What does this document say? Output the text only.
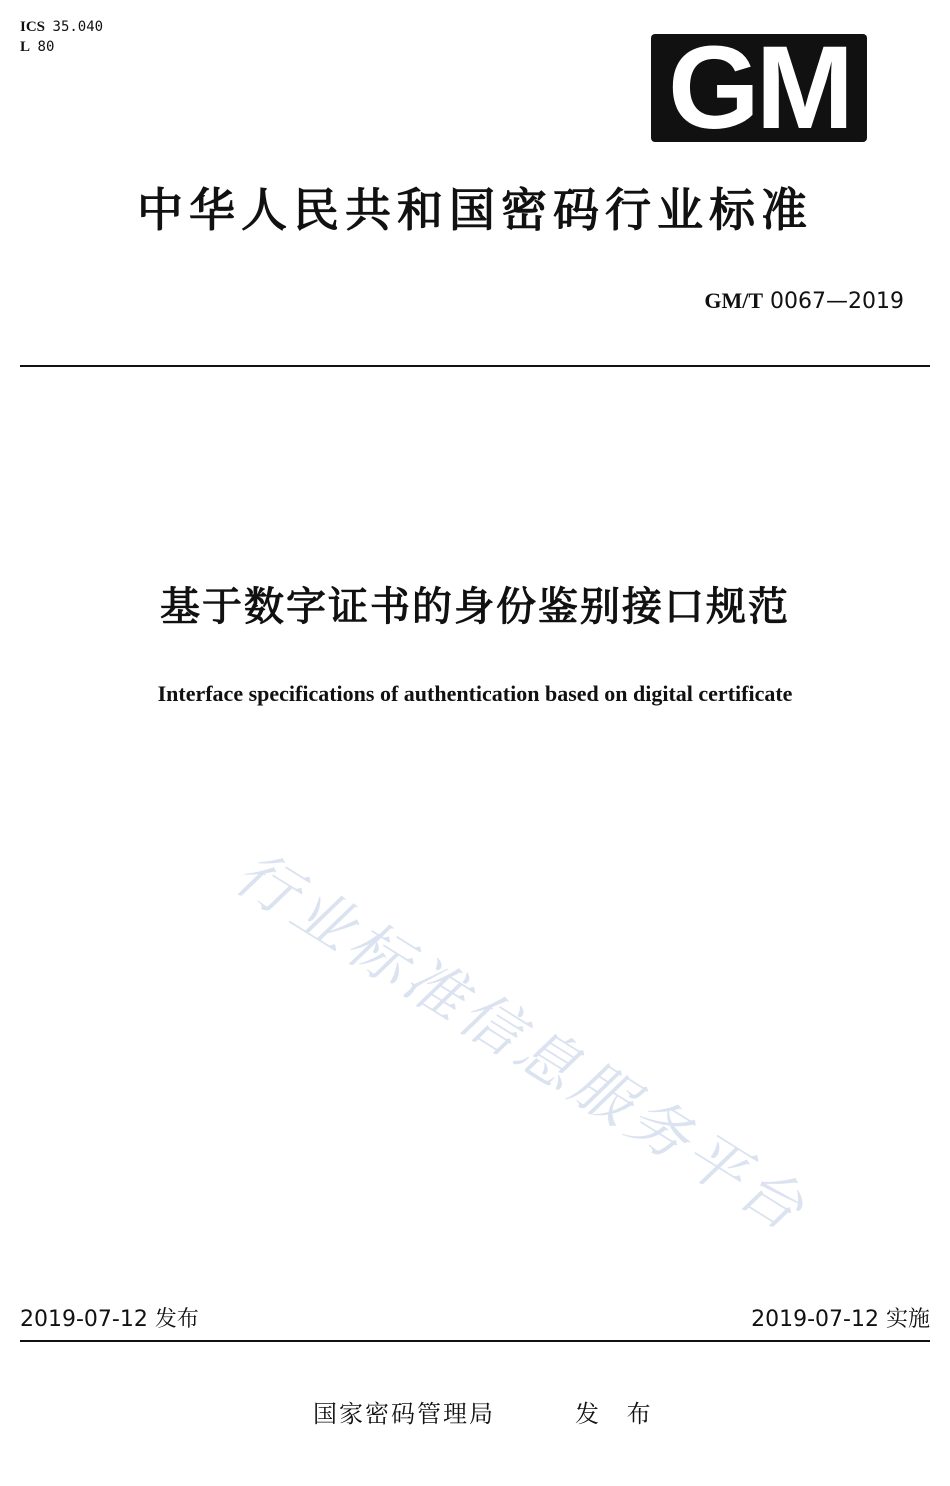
ICS 35.040
L 80	GM
中华人民共和国密码行业标准
GM/T 0067—2019
基于数字证书的身份鉴别接口规范
Interface specifications of authentication based on digital certificate
行业标准信息服务平台
2019-07-12 发布	2019-07-12 实施
国家密码管理局	发 布
